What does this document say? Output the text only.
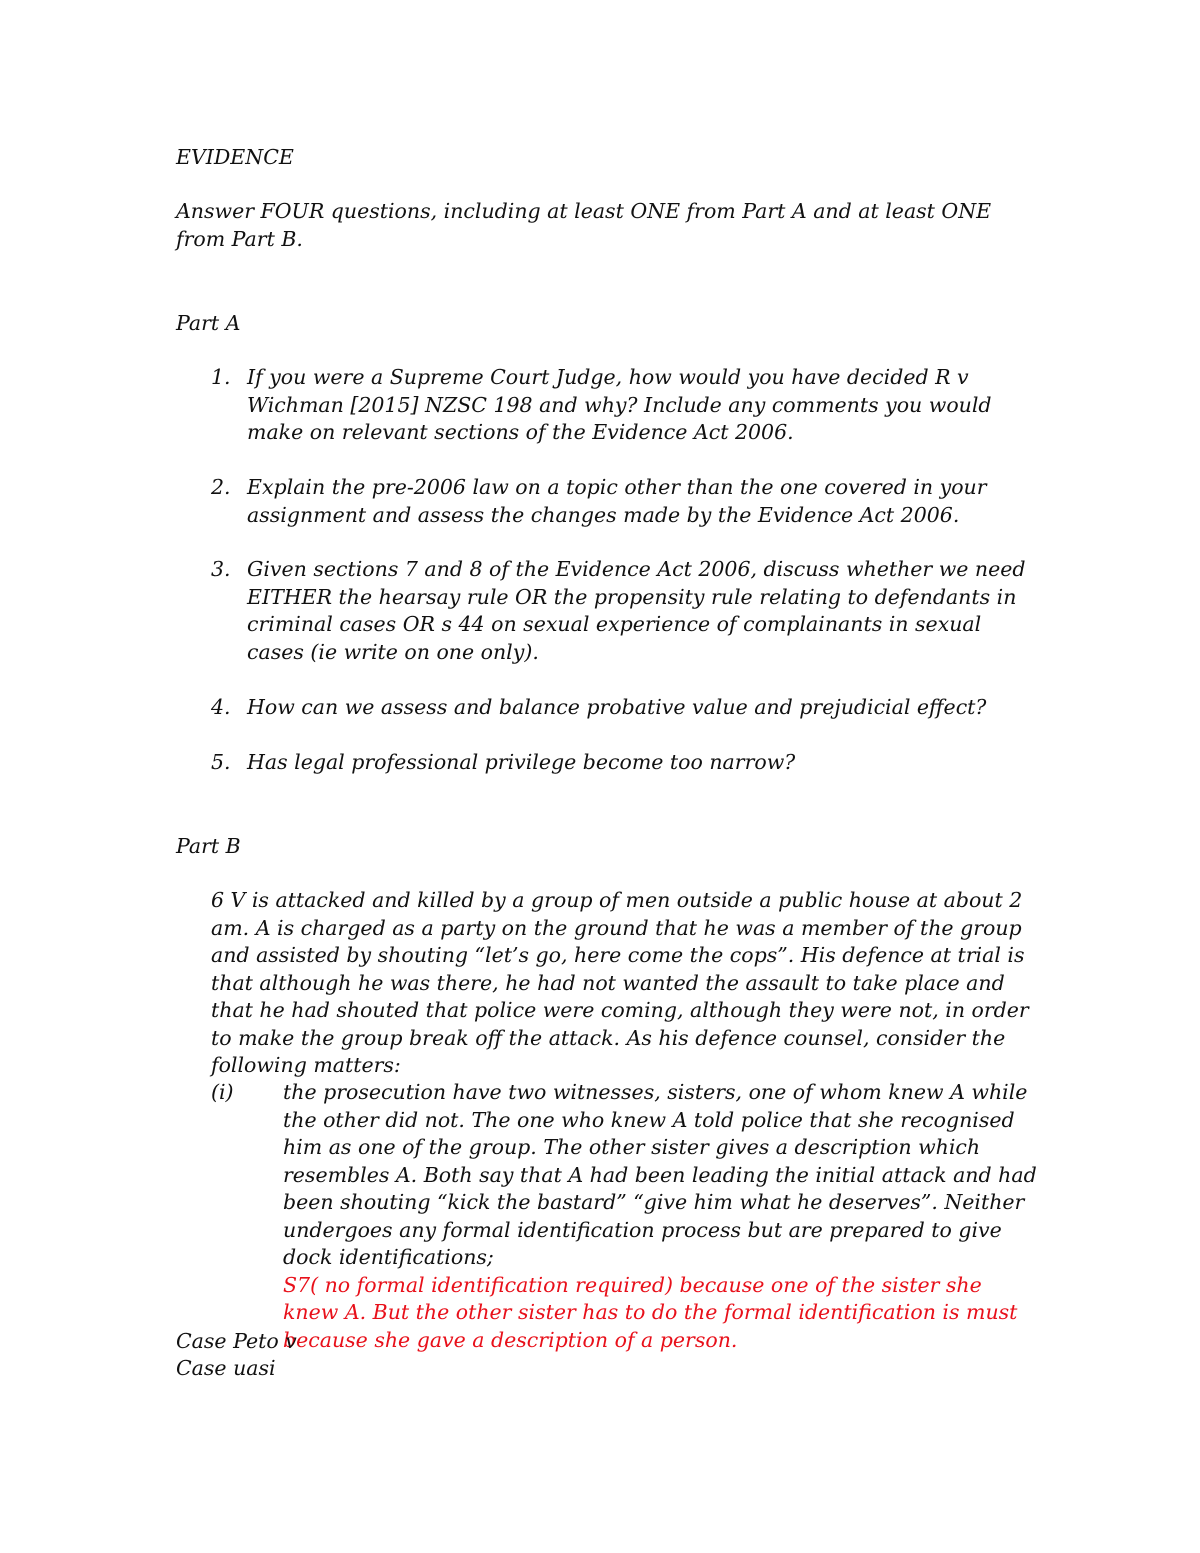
EVIDENCE
Answer FOUR questions, including at least ONE from Part A and at least ONE from Part B.
Part A
1. If you were a Supreme Court Judge, how would you have decided R v Wichman [2015] NZSC 198 and why? Include any comments you would make on relevant sections of the Evidence Act 2006.
2. Explain the pre-2006 law on a topic other than the one covered in your assignment and assess the changes made by the Evidence Act 2006.
3. Given sections 7 and 8 of the Evidence Act 2006, discuss whether we need EITHER the hearsay rule OR the propensity rule relating to defendants in criminal cases OR s 44 on sexual experience of complainants in sexual cases (ie write on one only).
4. How can we assess and balance probative value and prejudicial effect?
5. Has legal professional privilege become too narrow?
Part B
6 V is attacked and killed by a group of men outside a public house at about 2 am. A is charged as a party on the ground that he was a member of the group and assisted by shouting “let’s go, here come the cops”. His defence at trial is that although he was there, he had not wanted the assault to take place and that he had shouted that police were coming, although they were not, in order to make the group break off the attack. As his defence counsel, consider the following matters:
(i) the prosecution have two witnesses, sisters, one of whom knew A while the other did not. The one who knew A told police that she recognised him as one of the group. The other sister gives a description which resembles A. Both say that A had been leading the initial attack and had been shouting “kick the bastard” “give him what he deserves”. Neither undergoes any formal identification process but are prepared to give dock identifications;
S7( no formal identification required) because one of the sister she knew A. But the other sister has to do the formal identification is must because she gave a description of a person.
Case Peto v
Case uasi
